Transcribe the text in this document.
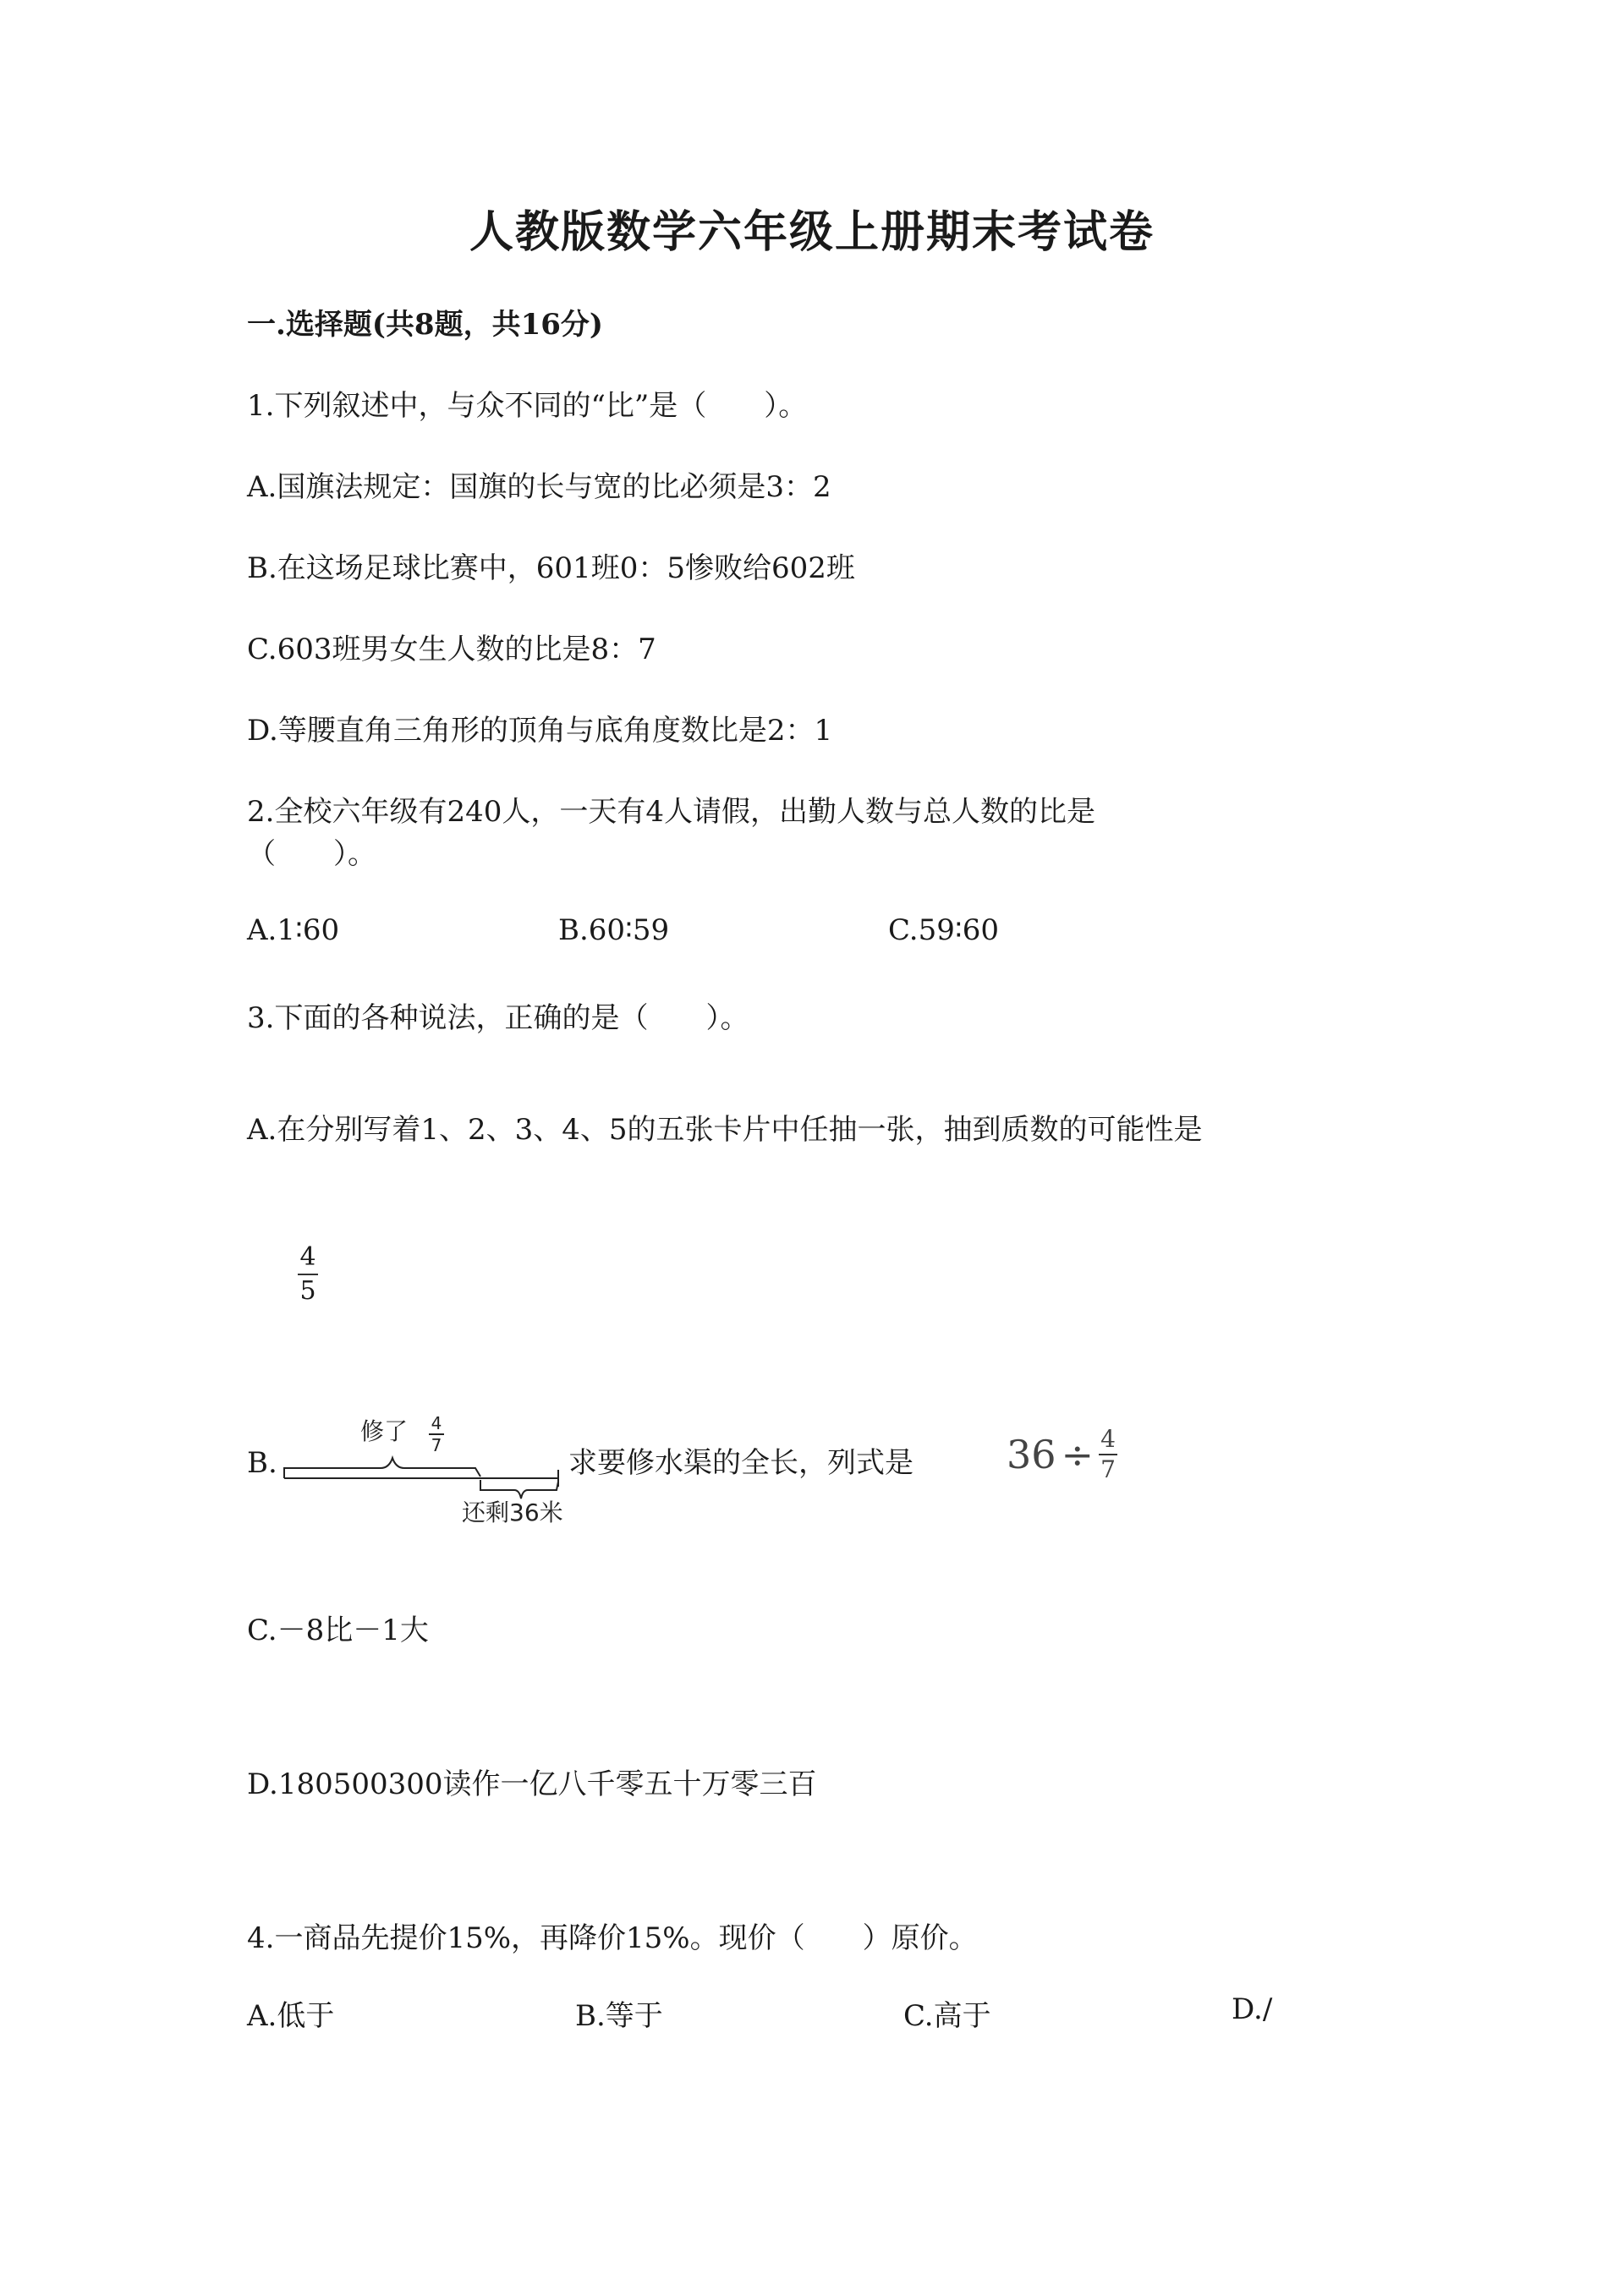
人教版数学六年级上册期末考试卷
一.选择题(共8题，共16分)
1.下列叙述中，与众不同的“比”是（　　）。
A.国旗法规定：国旗的长与宽的比必须是3：2
B.在这场足球比赛中，601班0：5惨败给602班
C.603班男女生人数的比是8：7
D.等腰直角三角形的顶角与底角度数比是2：1
2.全校六年级有240人，一天有4人请假，出勤人数与总人数的比是
（　　）。
A.1∶60	B.60∶59	C.59∶60
3.下面的各种说法，正确的是（　　）。
A.在分别写着1、2、3、4、5的五张卡片中任抽一张，抽到质数的可能性是
4
5
B.
修了 4
7
还剩36米
求要修水渠的全长，列式是 $36 \div \frac{4}{7}$
C.－8比－1大
D.180500300读作一亿八千零五十万零三百
4.一商品先提价15%，再降价15%。现价（　　）原价。
A.低于	B.等于	C.高于	D./
